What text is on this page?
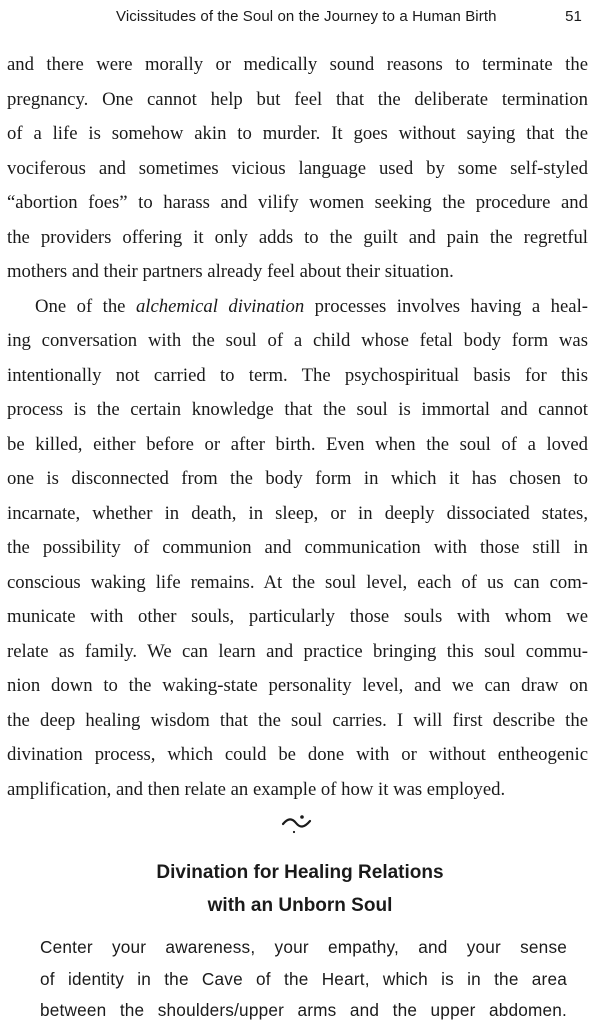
Vicissitudes of the Soul on the Journey to a Human Birth	51

and there were morally or medically sound reasons to terminate the
pregnancy. One cannot help but feel that the deliberate termination
of a life is somehow akin to murder. It goes without saying that the
vociferous and sometimes vicious language used by some self-styled
“abortion foes” to harass and vilify women seeking the procedure and
the providers offering it only adds to the guilt and pain the regretful
mothers and their partners already feel about their situation.

One of the alchemical divination processes involves having a heal-
ing conversation with the soul of a child whose fetal body form was
intentionally not carried to term. The psychospiritual basis for this
process is the certain knowledge that the soul is immortal and cannot
be killed, either before or after birth. Even when the soul of a loved
one is disconnected from the body form in which it has chosen to
incarnate, whether in death, in sleep, or in deeply dissociated states,
the possibility of communion and communication with those still in
conscious waking life remains. At the soul level, each of us can com-
municate with other souls, particularly those souls with whom we
relate as family. We can learn and practice bringing this soul commu-
nion down to the waking-state personality level, and we can draw on
the deep healing wisdom that the soul carries. I will first describe the
divination process, which could be done with or without entheogenic
amplification, and then relate an example of how it was employed.

Divination for Healing Relations
with an Unborn Soul
Center your awareness, your empathy, and your sense
of identity in the Cave of the Heart, which is in the area
between the shoulders/upper arms and the upper abdomen.
